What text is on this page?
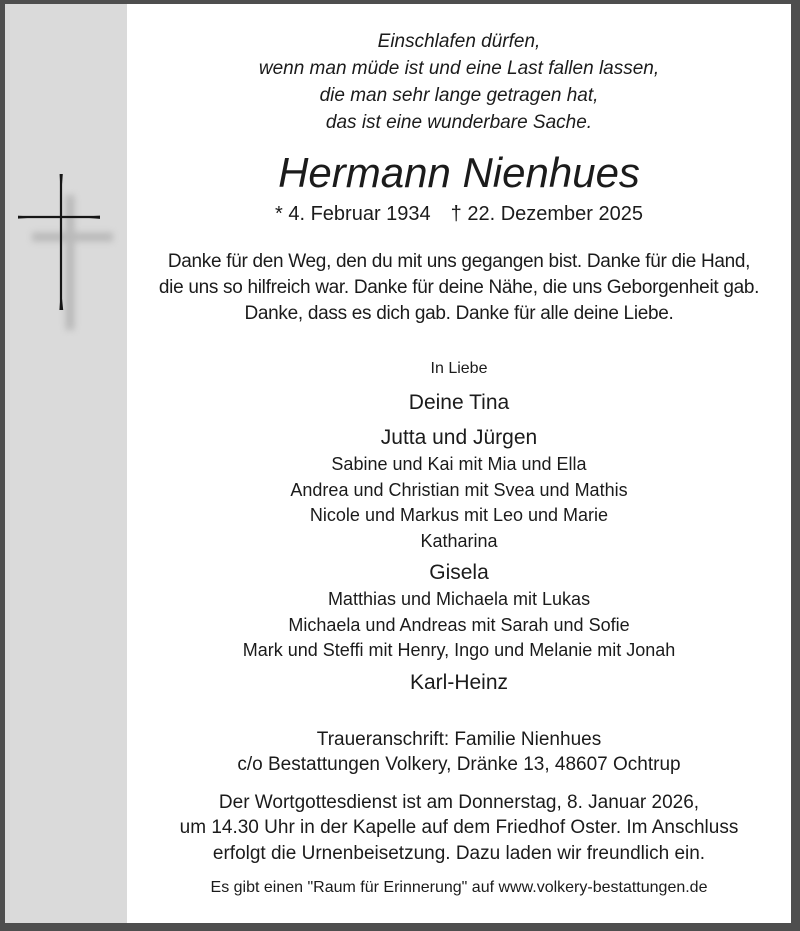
Einschlafen dürfen,
wenn man müde ist und eine Last fallen lassen,
die man sehr lange getragen hat,
das ist eine wunderbare Sache.
Hermann Nienhues
* 4. Februar 1934 † 22. Dezember 2025
Danke für den Weg, den du mit uns gegangen bist. Danke für die Hand,
die uns so hilfreich war. Danke für deine Nähe, die uns Geborgenheit gab.
Danke, dass es dich gab. Danke für alle deine Liebe.
In Liebe
Deine Tina
Jutta und Jürgen
Sabine und Kai mit Mia und Ella
Andrea und Christian mit Svea und Mathis
Nicole und Markus mit Leo und Marie
Katharina
Gisela
Matthias und Michaela mit Lukas
Michaela und Andreas mit Sarah und Sofie
Mark und Steffi mit Henry, Ingo und Melanie mit Jonah
Karl-Heinz
Traueranschrift: Familie Nienhues
c/o Bestattungen Volkery, Dränke 13, 48607 Ochtrup
Der Wortgottesdienst ist am Donnerstag, 8. Januar 2026,
um 14.30 Uhr in der Kapelle auf dem Friedhof Oster. Im Anschluss
erfolgt die Urnenbeisetzung. Dazu laden wir freundlich ein.
Es gibt einen "Raum für Erinnerung" auf www.volkery-bestattungen.de
